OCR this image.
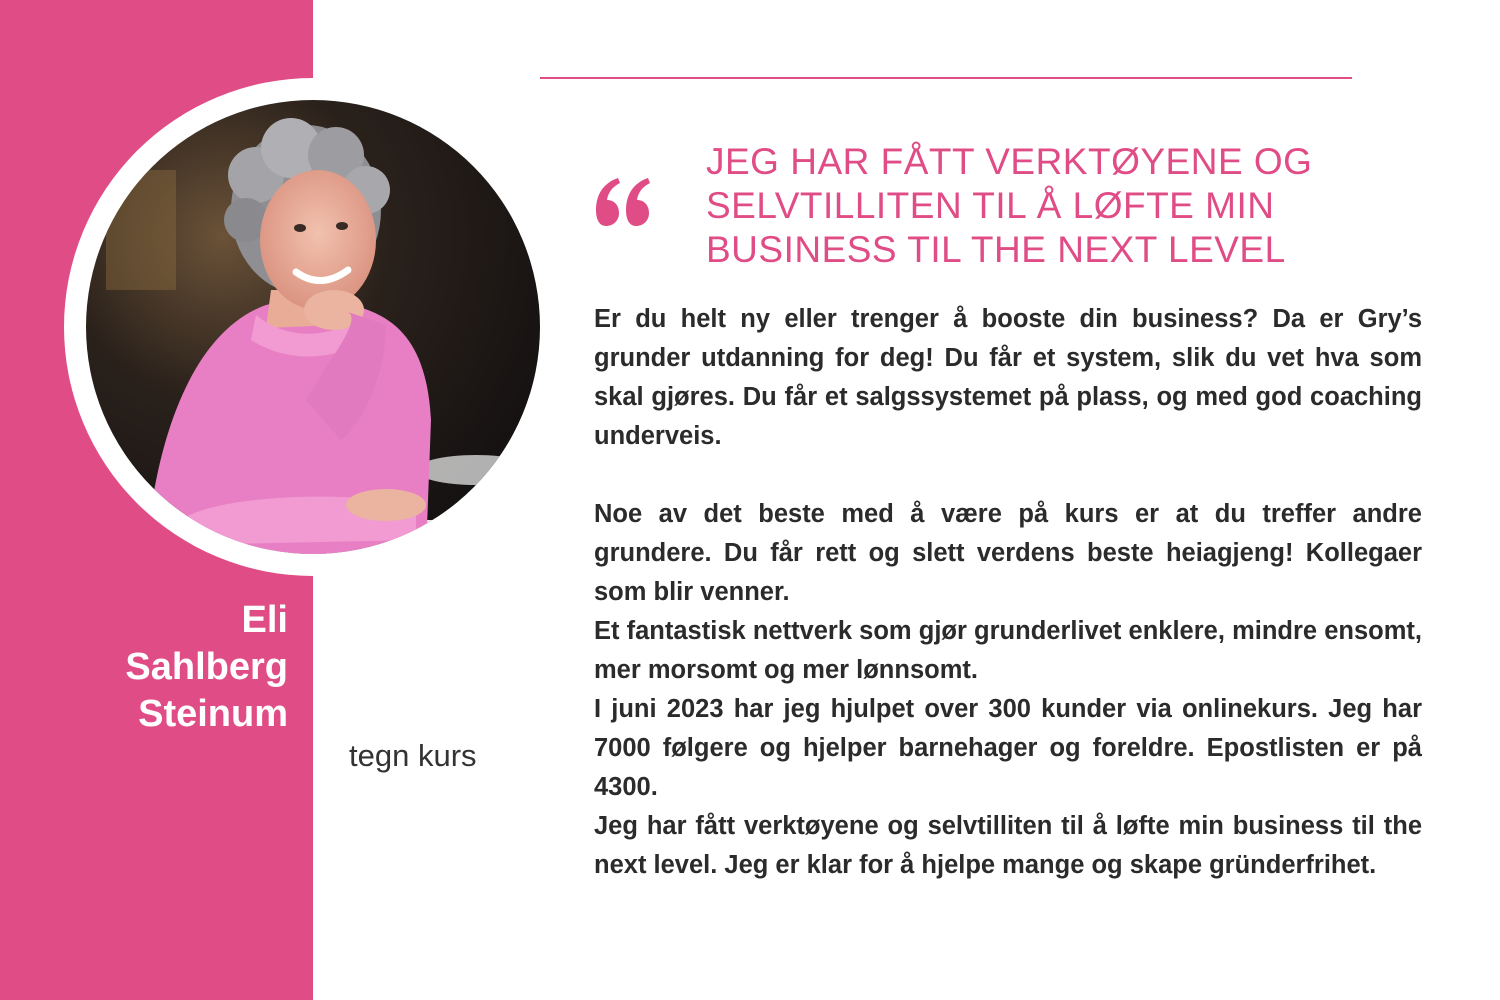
Eli
Sahlberg
Steinum
tegn kurs
JEG HAR FÅTT VERKTØYENE OG
SELVTILLITEN TIL Å LØFTE MIN
BUSINESS TIL THE NEXT LEVEL

Er du helt ny eller trenger å booste din business? Da er Gry’s grunder utdanning for deg! Du får et system, slik du vet hva som skal gjøres. Du får et salgssystemet på plass, og med god coaching underveis.

Noe av det beste med å være på kurs er at du treffer andre grundere. Du får rett og slett verdens beste heiagjeng! Kollegaer som blir venner.

Et fantastisk nettverk som gjør grunderlivet enklere, mindre ensomt, mer morsomt og mer lønnsomt.

I juni 2023 har jeg hjulpet over 300 kunder via onlinekurs. Jeg har 7000 følgere og hjelper barnehager og foreldre. Epostlisten er på 4300.

Jeg har fått verktøyene og selvtilliten til å løfte min business til the next level. Jeg er klar for å hjelpe mange og skape gründerfrihet.
